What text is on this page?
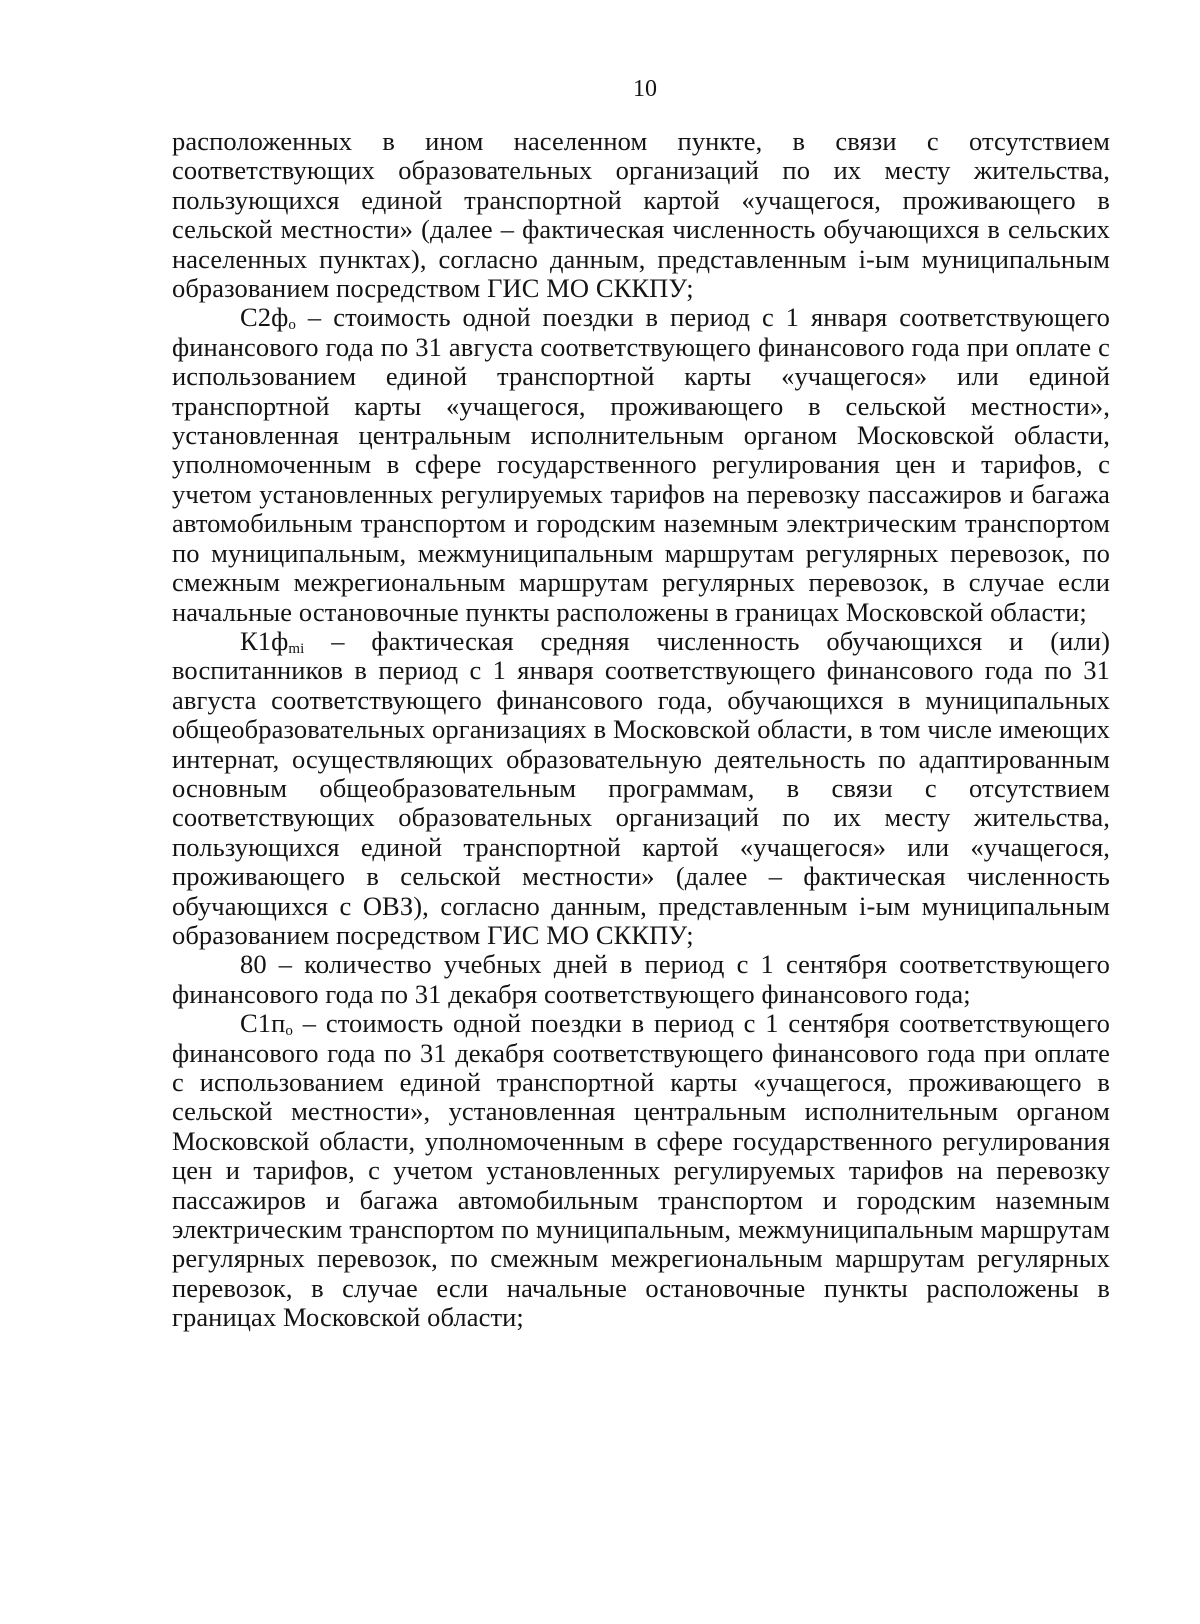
10

расположенных в ином населенном пункте, в связи с отсутствием соответствующих образовательных организаций по их месту жительства, пользующихся единой транспортной картой «учащегося, проживающего в сельской местности» (далее – фактическая численность обучающихся в сельских населенных пунктах), согласно данным, представленным i-ым муниципальным образованием посредством ГИС МО СККПУ;

$С2ф_о$ – стоимость одной поездки в период с 1 января соответствующего финансового года по 31 августа соответствующего финансового года при оплате с использованием единой транспортной карты «учащегося» или единой транспортной карты «учащегося, проживающего в сельской местности», установленная центральным исполнительным органом Московской области, уполномоченным в сфере государственного регулирования цен и тарифов, с учетом установленных регулируемых тарифов на перевозку пассажиров и багажа автомобильным транспортом и городским наземным электрическим транспортом по муниципальным, межмуниципальным маршрутам регулярных перевозок, по смежным межрегиональным маршрутам регулярных перевозок, в случае если начальные остановочные пункты расположены в границах Московской области;

$К1ф_{mi}$ – фактическая средняя численность обучающихся и (или) воспитанников в период с 1 января соответствующего финансового года по 31 августа соответствующего финансового года, обучающихся в муниципальных общеобразовательных организациях в Московской области, в том числе имеющих интернат, осуществляющих образовательную деятельность по адаптированным основным общеобразовательным программам, в связи с отсутствием соответствующих образовательных организаций по их месту жительства, пользующихся единой транспортной картой «учащегося» или «учащегося, проживающего в сельской местности» (далее – фактическая численность обучающихся с ОВЗ), согласно данным, представленным i-ым муниципальным образованием посредством ГИС МО СККПУ;

80 – количество учебных дней в период с 1 сентября соответствующего финансового года по 31 декабря соответствующего финансового года;

$С1п_о$ – стоимость одной поездки в период с 1 сентября соответствующего финансового года по 31 декабря соответствующего финансового года при оплате с использованием единой транспортной карты «учащегося, проживающего в сельской местности», установленная центральным исполнительным органом Московской области, уполномоченным в сфере государственного регулирования цен и тарифов, с учетом установленных регулируемых тарифов на перевозку пассажиров и багажа автомобильным транспортом и городским наземным электрическим транспортом по муниципальным, межмуниципальным маршрутам регулярных перевозок, по смежным межрегиональным маршрутам регулярных перевозок, в случае если начальные остановочные пункты расположены в границах Московской области;
